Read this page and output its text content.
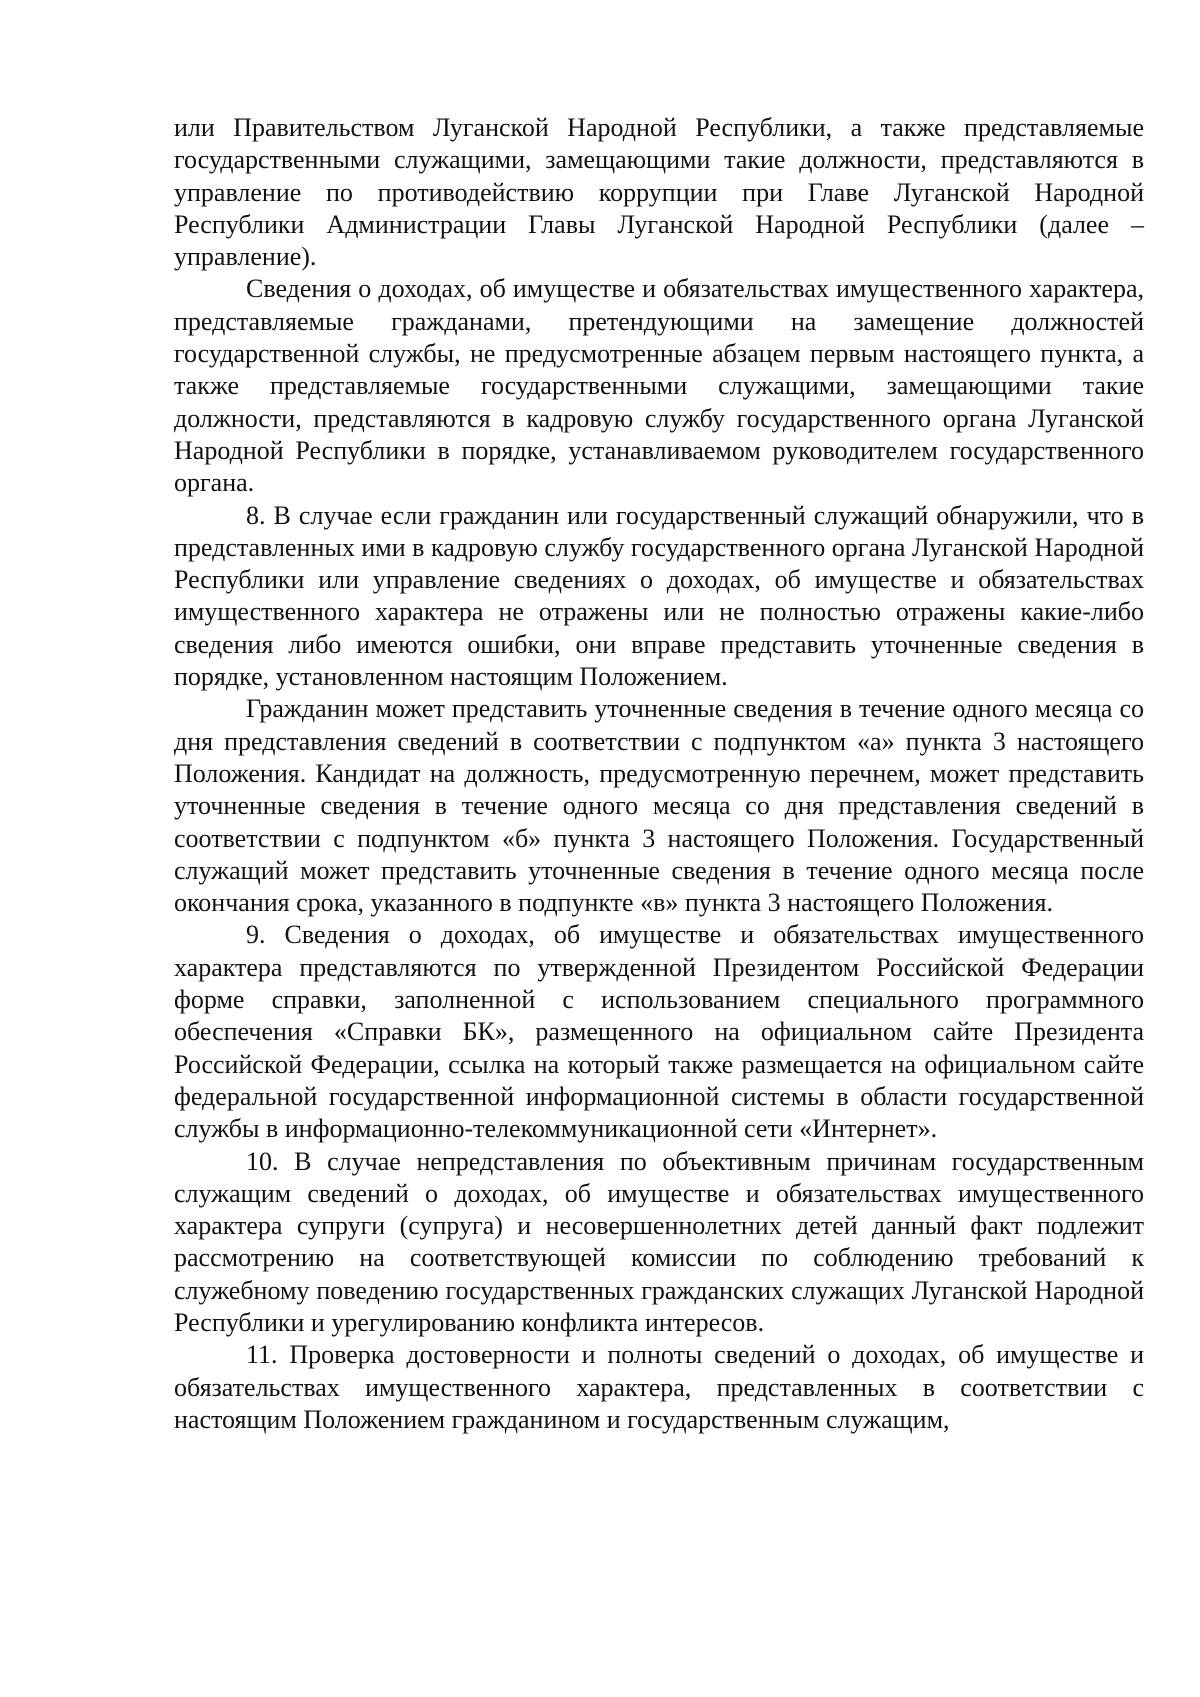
или Правительством Луганской Народной Республики, а также представляемые государственными служащими, замещающими такие должности, представляются в управление по противодействию коррупции при Главе Луганской Народной Республики Администрации Главы Луганской Народной Республики (далее – управление).

Сведения о доходах, об имуществе и обязательствах имущественного характера, представляемые гражданами, претендующими на замещение должностей государственной службы, не предусмотренные абзацем первым настоящего пункта, а также представляемые государственными служащими, замещающими такие должности, представляются в кадровую службу государственного органа Луганской Народной Республики в порядке, устанавливаемом руководителем государственного органа.

8. В случае если гражданин или государственный служащий обнаружили, что в представленных ими в кадровую службу государственного органа Луганской Народной Республики или управление сведениях о доходах, об имуществе и обязательствах имущественного характера не отражены или не полностью отражены какие-либо сведения либо имеются ошибки, они вправе представить уточненные сведения в порядке, установленном настоящим Положением.

Гражданин может представить уточненные сведения в течение одного месяца со дня представления сведений в соответствии с подпунктом «а» пункта 3 настоящего Положения. Кандидат на должность, предусмотренную перечнем, может представить уточненные сведения в течение одного месяца со дня представления сведений в соответствии с подпунктом «б» пункта 3 настоящего Положения. Государственный служащий может представить уточненные сведения в течение одного месяца после окончания срока, указанного в подпункте «в» пункта 3 настоящего Положения.

9. Сведения о доходах, об имуществе и обязательствах имущественного характера представляются по утвержденной Президентом Российской Федерации форме справки, заполненной с использованием специального программного обеспечения «Справки БК», размещенного на официальном сайте Президента Российской Федерации, ссылка на который также размещается на официальном сайте федеральной государственной информационной системы в области государственной службы в информационно-телекоммуникационной сети «Интернет».

10. В случае непредставления по объективным причинам государственным служащим сведений о доходах, об имуществе и обязательствах имущественного характера супруги (супруга) и несовершеннолетних детей данный факт подлежит рассмотрению на соответствующей комиссии по соблюдению требований к служебному поведению государственных гражданских служащих Луганской Народной Республики и урегулированию конфликта интересов.

11. Проверка достоверности и полноты сведений о доходах, об имуществе и обязательствах имущественного характера, представленных в соответствии с настоящим Положением гражданином и государственным служащим,
